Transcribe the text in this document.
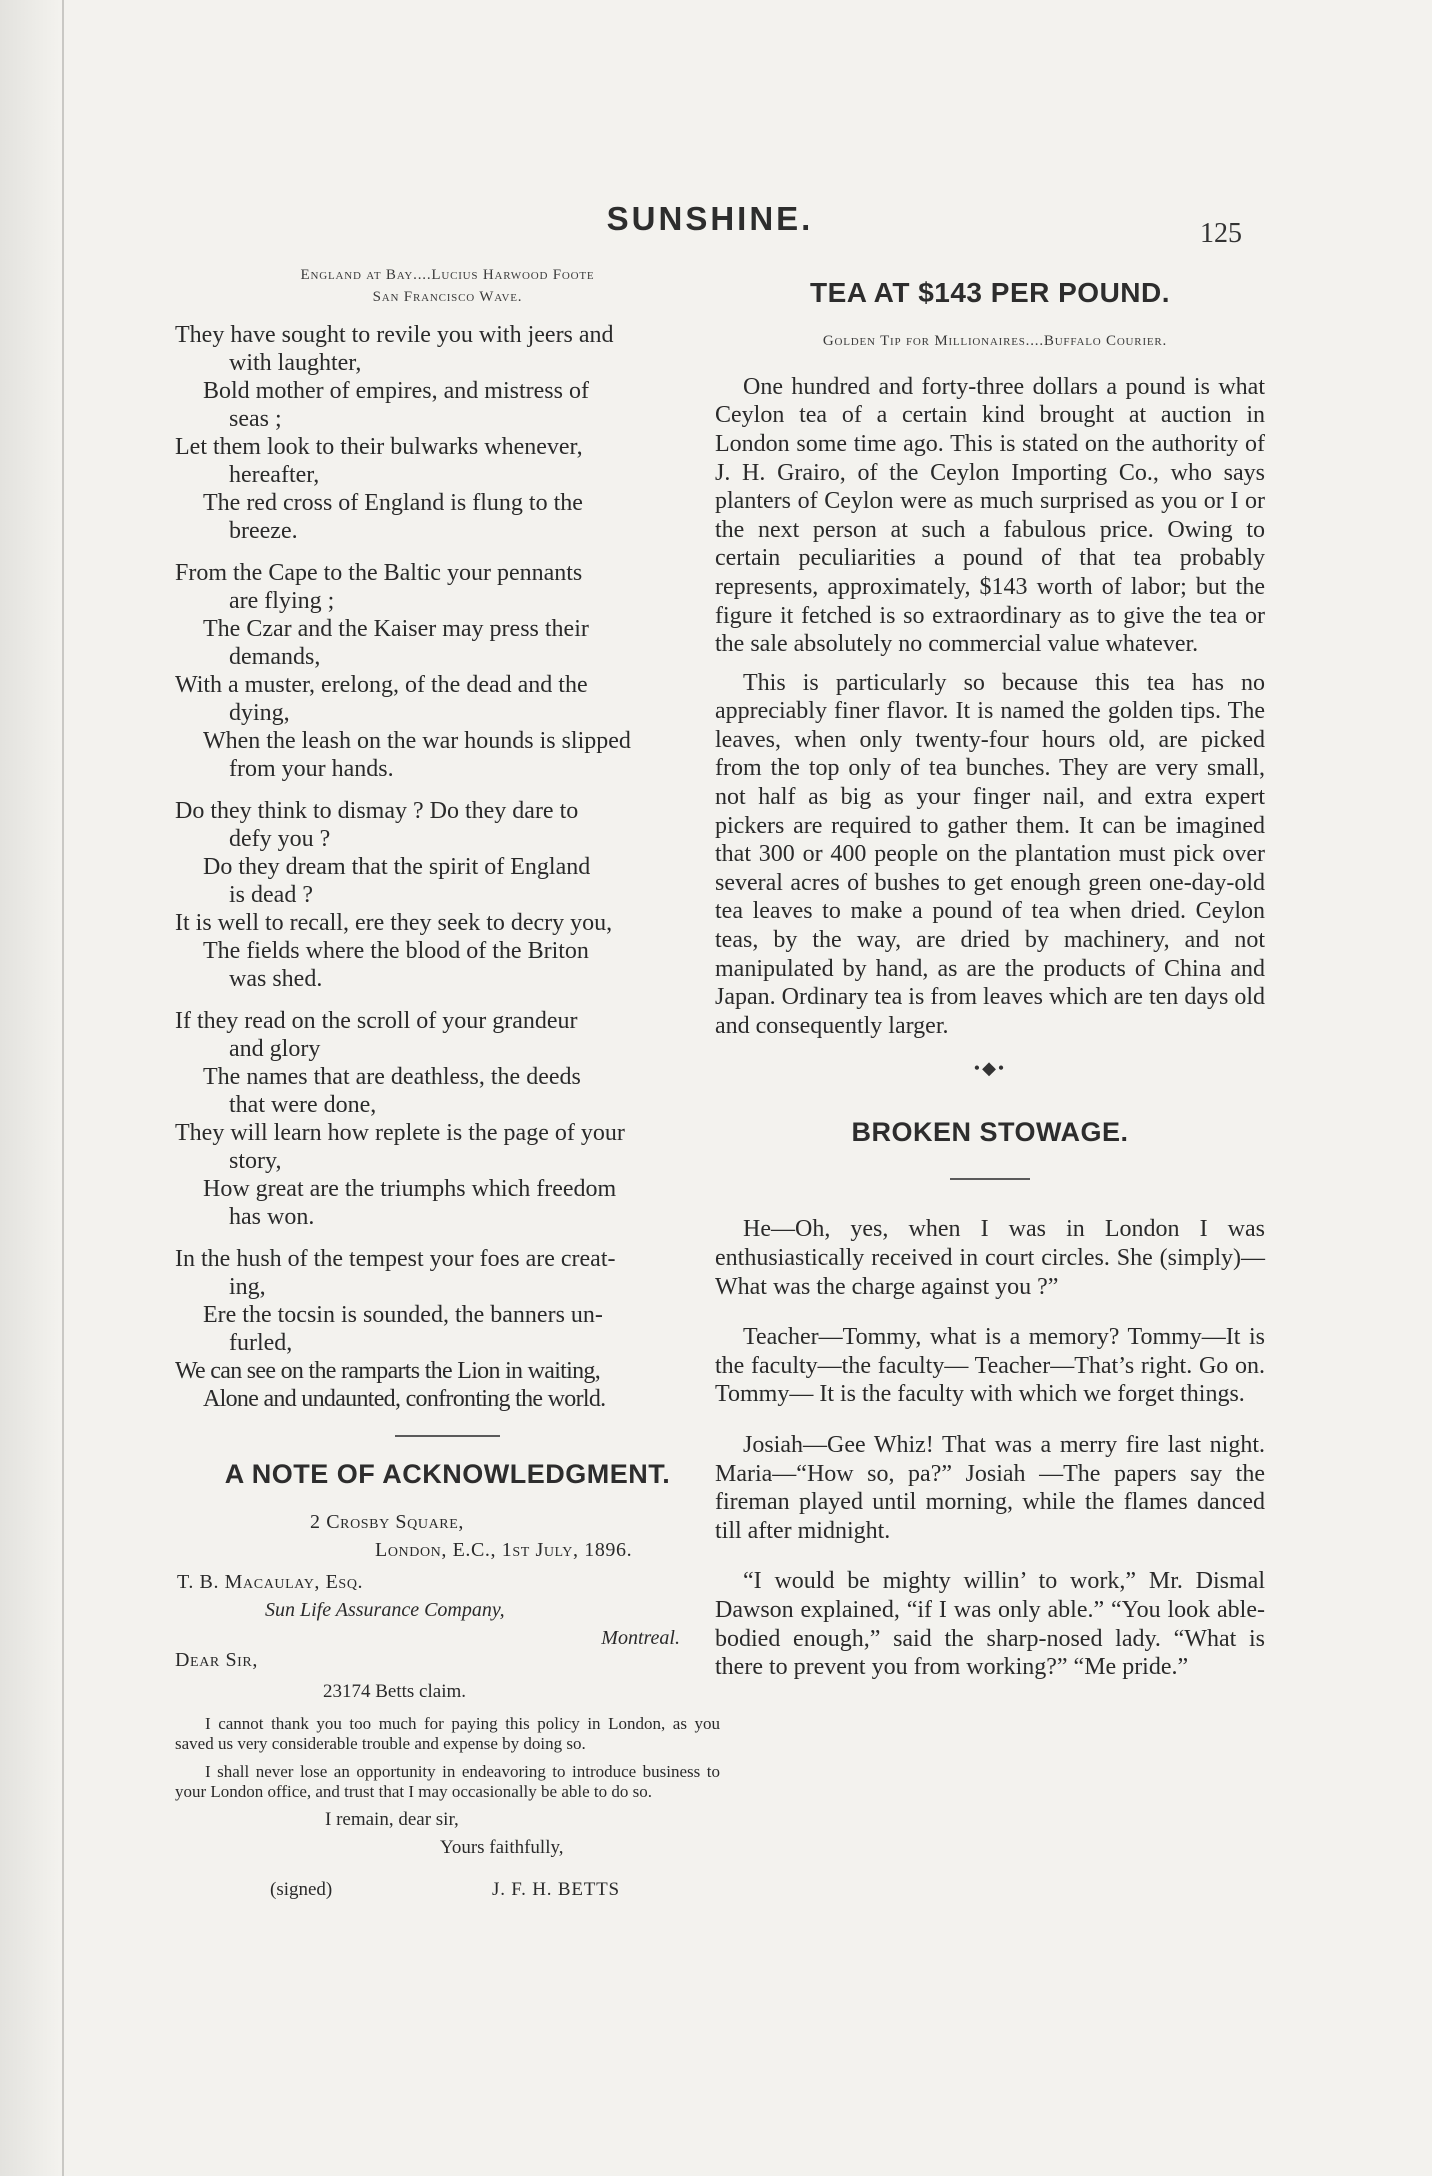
SUNSHINE.	125
England at Bay....Lucius Harwood Foote
San Francisco Wave.
They have sought to revile you with jeers and
with laughter,
Bold mother of empires, and mistress of
seas ;
Let them look to their bulwarks whenever,
hereafter,
The red cross of England is flung to the
breeze.
From the Cape to the Baltic your pennants
are flying ;
The Czar and the Kaiser may press their
demands,
With a muster, erelong, of the dead and the
dying,
When the leash on the war hounds is slipped
from your hands.
Do they think to dismay ? Do they dare to
defy you ?
Do they dream that the spirit of England
is dead ?
It is well to recall, ere they seek to decry you,
The fields where the blood of the Briton
was shed.
If they read on the scroll of your grandeur
and glory
The names that are deathless, the deeds
that were done,
They will learn how replete is the page of your
story,
How great are the triumphs which freedom
has won.
In the hush of the tempest your foes are creat-
ing,
Ere the tocsin is sounded, the banners un-
furled,
We can see on the ramparts the Lion in waiting,
Alone and undaunted, confronting the world.
A NOTE OF ACKNOWLEDGMENT.
2 Crosby Square,
London, E.C., 1st July, 1896.
T. B. Macaulay, Esq.
Sun Life Assurance Company,
Montreal.
Dear Sir,
23174 Betts claim.

I cannot thank you too much for paying this policy in London, as you saved us very considerable trouble and expense by doing so.

I shall never lose an opportunity in endeavoring to introduce business to your London office, and trust that I may occasionally be able to do so.

I remain, dear sir,
Yours faithfully,
(signed)	J. F. H. BETTS
TEA AT $143 PER POUND.
Golden Tip for Millionaires....Buffalo Courier.

One hundred and forty-three dollars a pound is what Ceylon tea of a certain kind brought at auction in London some time ago. This is stated on the authority of J. H. Grairo, of the Ceylon Importing Co., who says planters of Ceylon were as much surprised as you or I or the next person at such a fabulous price. Owing to certain peculiarities a pound of that tea probably represents, approximately, $143 worth of labor; but the figure it fetched is so extraordinary as to give the tea or the sale absolutely no commercial value whatever.

This is particularly so because this tea has no appreciably finer flavor. It is named the golden tips. The leaves, when only twenty-four hours old, are picked from the top only of tea bunches. They are very small, not half as big as your finger nail, and extra expert pickers are required to gather them. It can be imagined that 300 or 400 people on the plantation must pick over several acres of bushes to get enough green one-day-old tea leaves to make a pound of tea when dried. Ceylon teas, by the way, are dried by machinery, and not manipulated by hand, as are the products of China and Japan. Ordinary tea is from leaves which are ten days old and consequently larger.

•◆•
BROKEN STOWAGE.

He—Oh, yes, when I was in London I was enthusiastically received in court circles. She (simply)—What was the charge against you ?”

Teacher—Tommy, what is a memory? Tommy—It is the faculty—the faculty— Teacher—That’s right. Go on. Tommy— It is the faculty with which we forget things.

Josiah—Gee Whiz! That was a merry fire last night. Maria—“How so, pa?” Josiah —The papers say the fireman played until morning, while the flames danced till after midnight.

“I would be mighty willin’ to work,” Mr. Dismal Dawson explained, “if I was only able.” “You look able-bodied enough,” said the sharp-nosed lady. “What is there to prevent you from working?” “Me pride.”
